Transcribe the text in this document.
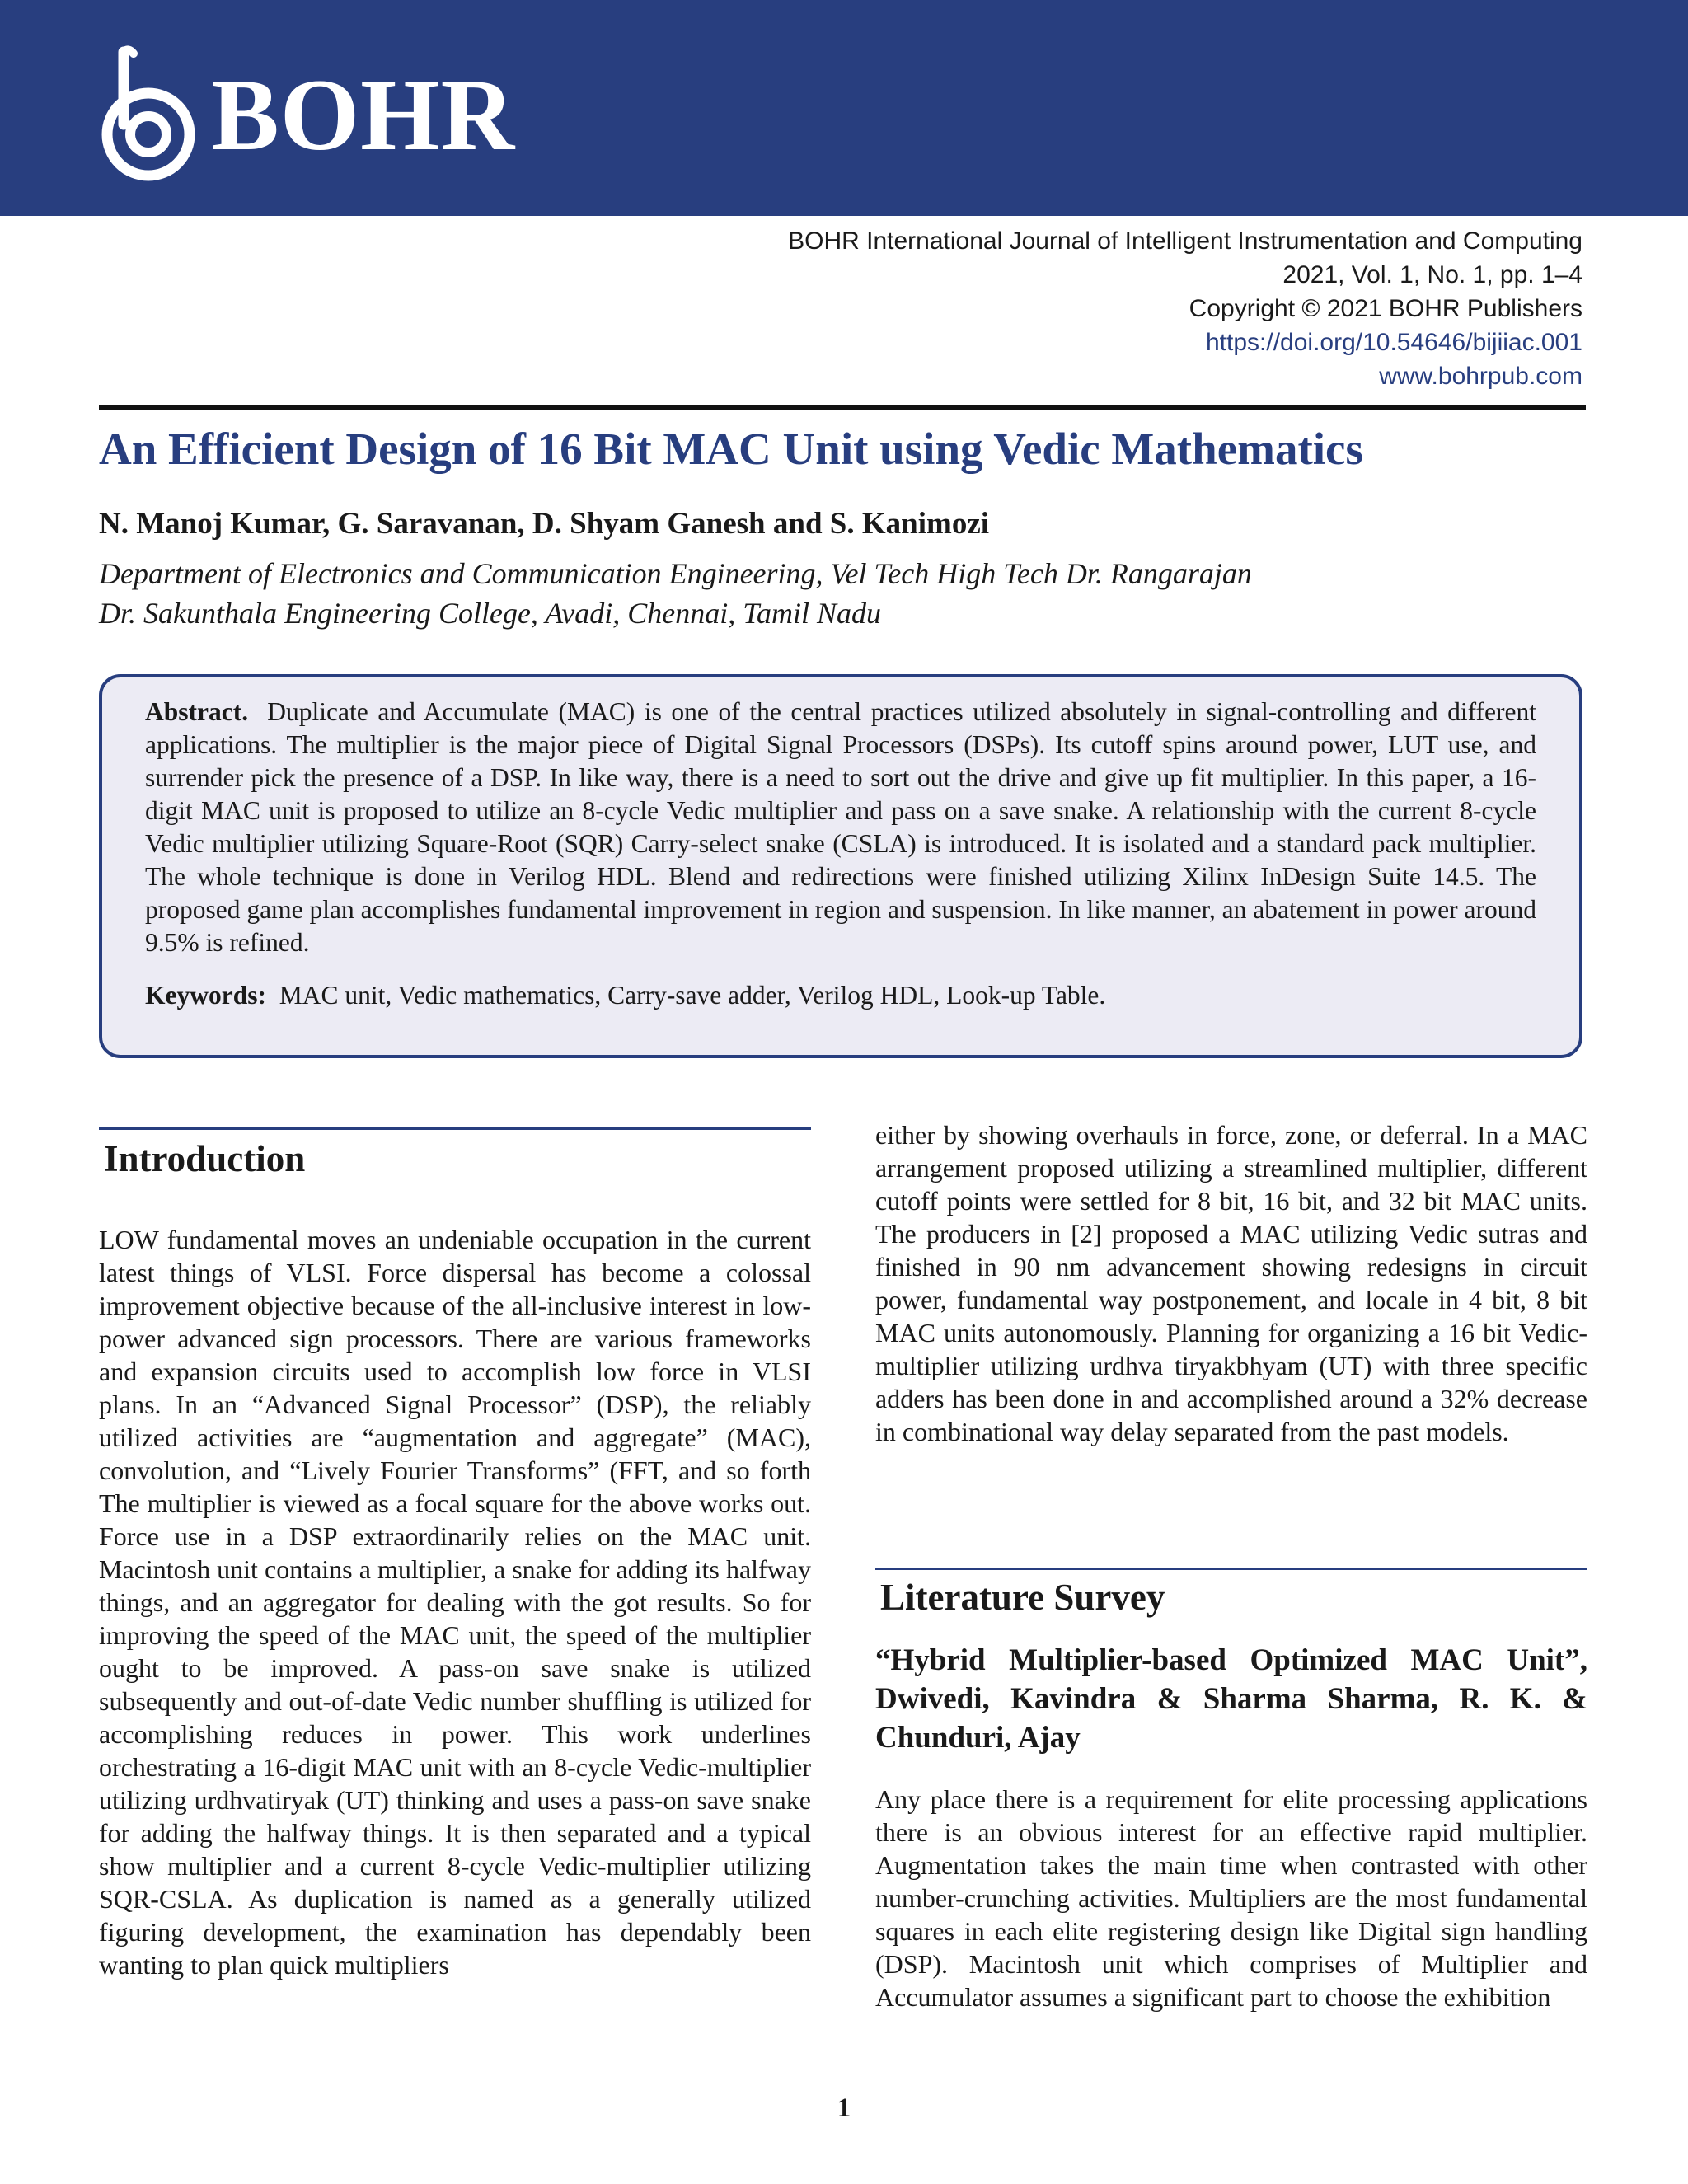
BOHR
BOHR International Journal of Intelligent Instrumentation and Computing
2021, Vol. 1, No. 1, pp. 1–4
Copyright © 2021 BOHR Publishers
https://doi.org/10.54646/bijiiac.001
www.bohrpub.com
An Efficient Design of 16 Bit MAC Unit using Vedic Mathematics
N. Manoj Kumar, G. Saravanan, D. Shyam Ganesh and S. Kanimozi
Department of Electronics and Communication Engineering, Vel Tech High Tech Dr. Rangarajan
Dr. Sakunthala Engineering College, Avadi, Chennai, Tamil Nadu

Abstract. Duplicate and Accumulate (MAC) is one of the central practices utilized absolutely in signal-controlling and different applications. The multiplier is the major piece of Digital Signal Processors (DSPs). Its cutoff spins around power, LUT use, and surrender pick the presence of a DSP. In like way, there is a need to sort out the drive and give up fit multiplier. In this paper, a 16-digit MAC unit is proposed to utilize an 8-cycle Vedic multiplier and pass on a save snake. A relationship with the current 8-cycle Vedic multiplier utilizing Square-Root (SQR) Carry-select snake (CSLA) is introduced. It is isolated and a standard pack multiplier. The whole technique is done in Verilog HDL. Blend and redirections were finished utilizing Xilinx InDesign Suite 14.5. The proposed game plan accomplishes fundamental improvement in region and suspension. In like manner, an abatement in power around 9.5% is refined.

Keywords: MAC unit, Vedic mathematics, Carry-save adder, Verilog HDL, Look-up Table.

Introduction

LOW fundamental moves an undeniable occupation in the current latest things of VLSI. Force dispersal has become a colossal improvement objective because of the all-inclusive interest in low-power advanced sign processors. There are various frameworks and expansion circuits used to accomplish low force in VLSI plans. In an “Advanced Signal Processor” (DSP), the reliably utilized activities are “augmentation and aggregate” (MAC), convolution, and “Lively Fourier Transforms” (FFT, and so forth The multiplier is viewed as a focal square for the above works out. Force use in a DSP extraordinarily relies on the MAC unit. Macintosh unit contains a multiplier, a snake for adding its halfway things, and an aggregator for dealing with the got results. So for improving the speed of the MAC unit, the speed of the multiplier ought to be improved. A pass-on save snake is utilized subsequently and out-of-date Vedic number shuffling is utilized for accomplishing reduces in power. This work underlines orchestrating a 16-digit MAC unit with an 8-cycle Vedic-multiplier utilizing urdhvatiryak (UT) thinking and uses a pass-on save snake for adding the halfway things. It is then separated and a typical show multiplier and a current 8-cycle Vedic-multiplier utilizing SQR-CSLA. As duplication is named as a generally utilized figuring development, the examination has dependably been wanting to plan quick multipliers

either by showing overhauls in force, zone, or deferral. In a MAC arrangement proposed utilizing a streamlined multiplier, different cutoff points were settled for 8 bit, 16 bit, and 32 bit MAC units. The producers in [2] proposed a MAC utilizing Vedic sutras and finished in 90 nm advancement showing redesigns in circuit power, fundamental way postponement, and locale in 4 bit, 8 bit MAC units autonomously. Planning for organizing a 16 bit Vedic-multiplier utilizing urdhva tiryakbhyam (UT) with three specific adders has been done in and accomplished around a 32% decrease in combinational way delay separated from the past models.

Literature Survey
“Hybrid Multiplier-based Optimized MAC Unit”, Dwivedi, Kavindra & Sharma Sharma, R. K. & Chunduri, Ajay

Any place there is a requirement for elite processing applications there is an obvious interest for an effective rapid multiplier. Augmentation takes the main time when contrasted with other number-crunching activities. Multipliers are the most fundamental squares in each elite registering design like Digital sign handling (DSP). Macintosh unit which comprises of Multiplier and Accumulator assumes a significant part to choose the exhibition

1
